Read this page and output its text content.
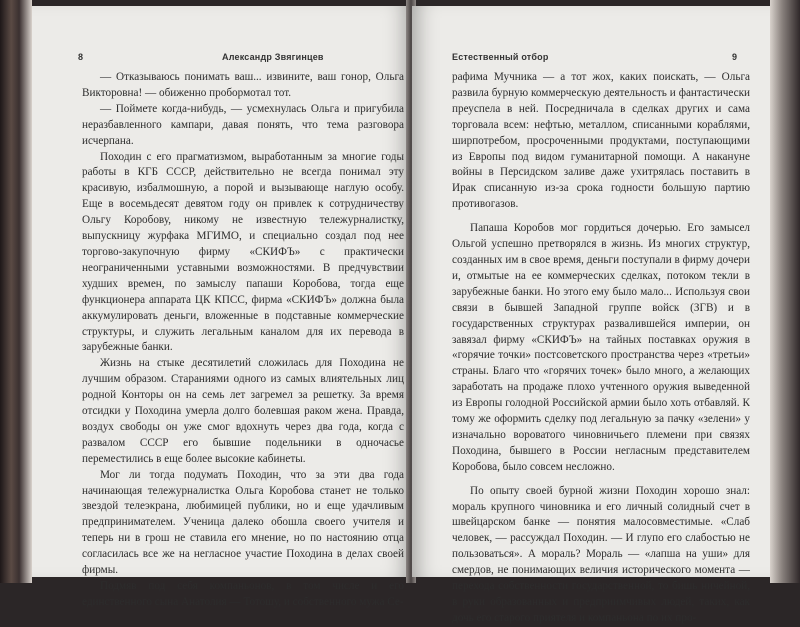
8	Александр Звягинцев

— Отказываюсь понимать ваш... извините, ваш гонор, Ольга Викторовна! — обиженно пробормотал тот.

— Поймете когда-нибудь, — усмехнулась Ольга и пригубила неразбавленного кампари, давая понять, что тема разговора исчерпана.

Походин с его прагматизмом, выработанным за многие годы работы в КГБ СССР, действительно не всегда понимал эту красивую, избалмошную, а порой и вызывающе наглую особу. Еще в восемьдесят девятом году он привлек к сотрудничеству Ольгу Коробову, никому не известную тележурналистку, выпускницу журфака МГИМО, и специально создал под нее торгово-закупочную фирму «СКИФЪ» с практически неограниченными уставными возможностями. В предчувствии худших времен, по замыслу папаши Коробова, тогда еще функционера аппарата ЦК КПСС, фирма «СКИФЪ» должна была аккумулировать деньги, вложенные в подставные коммерческие структуры, и служить легальным каналом для их перевода в зарубежные банки.

Жизнь на стыке десятилетий сложилась для Походина не лучшим образом. Стараниями одного из самых влиятельных лиц родной Конторы он на семь лет загремел за решетку. За время отсидки у Походина умерла долго болевшая раком жена. Правда, воздух свободы он уже смог вдохнуть через два года, когда с развалом СССР его бывшие подельники в одночасье переместились в еще более высокие кабинеты.

Мог ли тогда подумать Походин, что за эти два года начинающая тележурналистка Ольга Коробова станет не только звездой телеэкрана, любимицей публики, но и еще удачливым предпринимателем. Ученица далеко обошла своего учителя и теперь ни в грош не ставила его мнение, но по настоянию отца согласилась все же на негласное участие Походина в делах своей фирмы.

Подмяв под себя компаньонов, в том числе и его единственного сына Анатолия — Тотошу, и собственного мужа Се-

Естественный отбор	9

рафима Мучника — а тот жох, каких поискать, — Ольга развила бурную коммерческую деятельность и фантастически преуспела в ней. Посредничала в сделках других и сама торговала всем: нефтью, металлом, списанными кораблями, ширпотребом, просроченными продуктами, поступающими из Европы под видом гуманитарной помощи. А накануне войны в Персидском заливе даже ухитрялась поставить в Ирак списанную из-за срока годности большую партию противогазов.

Папаша Коробов мог гордиться дочерью. Его замысел Ольгой успешно претворялся в жизнь. Из многих структур, созданных им в свое время, деньги поступали в фирму дочери и, отмытые на ее коммерческих сделках, потоком текли в зарубежные банки. Но этого ему было мало... Используя свои связи в бывшей Западной группе войск (ЗГВ) и в государственных структурах развалившейся империи, он завязал фирму «СКИФЪ» на тайных поставках оружия в «горячие точки» постсоветского пространства через «третьи» страны. Благо что «горячих точек» было много, а желающих заработать на продаже плохо учтенного оружия выведенной из Европы голодной Российской армии было хоть отбавляй. К тому же оформить сделку под легальную за пачку «зелени» у изначально вороватого чиновничьего племени при связях Походина, бывшего в России негласным представителем Коробова, было совсем несложно.

По опыту своей бурной жизни Походин хорошо знал: мораль крупного чиновника и его личный солидный счет в швейцарском банке — понятия малосовместимые. «Слаб человек, — рассуждал Походин. — И глупо его слабостью не пользоваться». А мораль? Мораль — «лапша на уши» для смердов, не понимающих величия исторического момента — перехода собственности государственной, то бишь ничейной, в руки образованных и предприимчивых людей, таких, как дочь его старого приятеля и компаньона по их про-
